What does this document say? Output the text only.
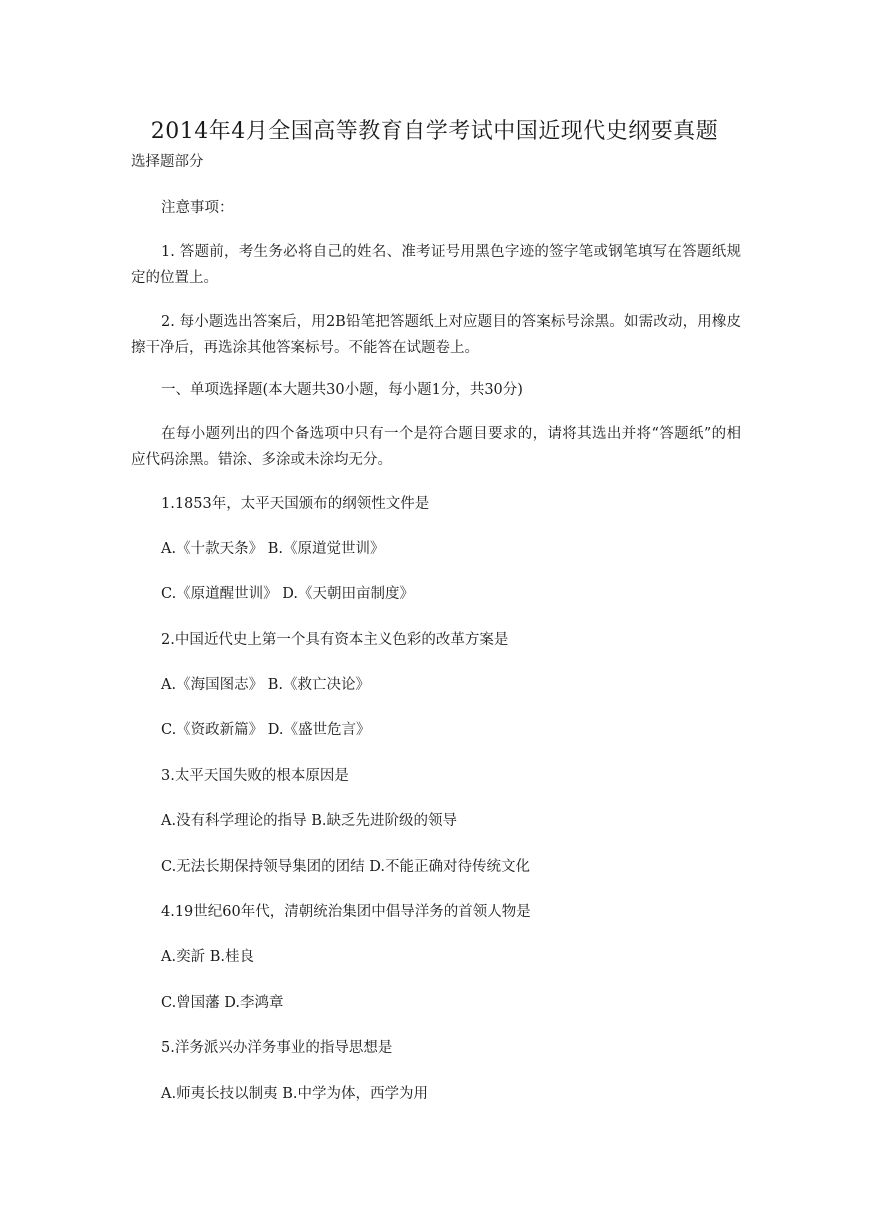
2014年4月全国高等教育自学考试中国近现代史纲要真题
选择题部分
注意事项：
1. 答题前，考生务必将自己的姓名、准考证号用黑色字迹的签字笔或钢笔填写在答题纸规定的位置上。
2. 每小题选出答案后，用2B铅笔把答题纸上对应题目的答案标号涂黑。如需改动，用橡皮擦干净后，再选涂其他答案标号。不能答在试题卷上。
一、单项选择题(本大题共30小题，每小题1分，共30分)
在每小题列出的四个备选项中只有一个是符合题目要求的，请将其选出并将“答题纸”的相应代码涂黑。错涂、多涂或未涂均无分。
1.1853年，太平天国颁布的纲领性文件是
A.《十款天条》 B.《原道觉世训》
C.《原道醒世训》 D.《天朝田亩制度》
2.中国近代史上第一个具有资本主义色彩的改革方案是
A.《海国图志》 B.《救亡决论》
C.《资政新篇》 D.《盛世危言》
3.太平天国失败的根本原因是
A.没有科学理论的指导 B.缺乏先进阶级的领导
C.无法长期保持领导集团的团结 D.不能正确对待传统文化
4.19世纪60年代，清朝统治集团中倡导洋务的首领人物是
A.奕訢 B.桂良
C.曾国藩 D.李鸿章
5.洋务派兴办洋务事业的指导思想是
A.师夷长技以制夷 B.中学为体，西学为用
